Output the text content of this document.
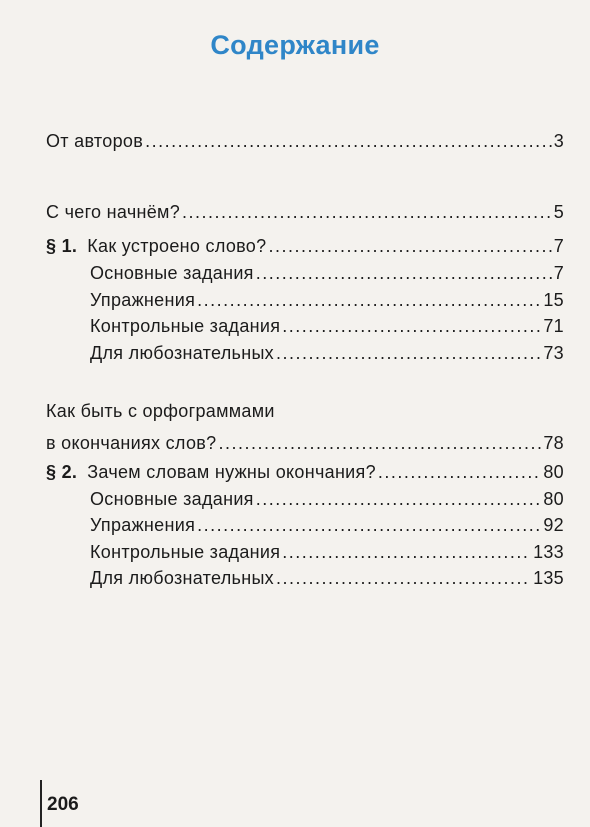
Содержание
От авторов .....	3
С чего начнём? .....	5
§ 1. Как устроено слово? .....	7
Основные задания .....	7
Упражнения .....	15
Контрольные задания .....	71
Для любознательных .....	73
Как быть с орфограммами
в окончаниях слов? .....	78
§ 2. Зачем словам нужны окончания? .....	80
Основные задания .....	80
Упражнения .....	92
Контрольные задания .....	133
Для любознательных .....	135
206
